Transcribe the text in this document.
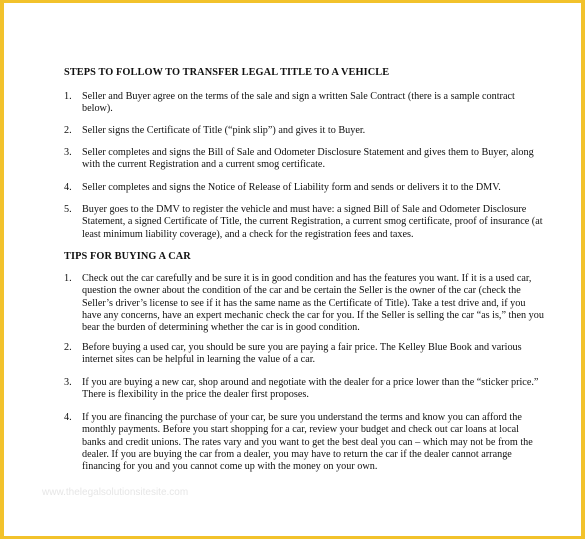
STEPS TO FOLLOW TO TRANSFER LEGAL TITLE TO A VEHICLE
1.	Seller and Buyer agree on the terms of the sale and sign a written Sale Contract (there is a sample contract below).
2.	Seller signs the Certificate of Title (“pink slip”) and gives it to Buyer.
3.	Seller completes and signs the Bill of Sale and Odometer Disclosure Statement and gives them to Buyer, along with the current Registration and a current smog certificate.
4.	Seller completes and signs the Notice of Release of Liability form and sends or delivers it to the DMV.
5.	Buyer goes to the DMV to register the vehicle and must have: a signed Bill of Sale and Odometer Disclosure Statement, a signed Certificate of Title, the current Registration, a current smog certificate, proof of insurance (at least minimum liability coverage), and a check for the registration fees and taxes.
TIPS FOR BUYING A CAR
1.	Check out the car carefully and be sure it is in good condition and has the features you want. If it is a used car, question the owner about the condition of the car and be certain the Seller is the owner of the car (check the Seller’s driver’s license to see if it has the same name as the Certificate of Title). Take a test drive and, if you have any concerns, have an expert mechanic check the car for you. If the Seller is selling the car “as is,” then you bear the burden of determining whether the car is in good condition.
2.	Before buying a used car, you should be sure you are paying a fair price. The Kelley Blue Book and various internet sites can be helpful in learning the value of a car.
3.	If you are buying a new car, shop around and negotiate with the dealer for a price lower than the “sticker price.” There is flexibility in the price the dealer first proposes.
4.	If you are financing the purchase of your car, be sure you understand the terms and know you can afford the monthly payments. Before you start shopping for a car, review your budget and check out car loans at local banks and credit unions. The rates vary and you want to get the best deal you can – which may not be from the dealer. If you are buying the car from a dealer, you may have to return the car if the dealer cannot arrange financing for you and you cannot come up with the money on your own.
www.thelegalsolutionsitesite.com
